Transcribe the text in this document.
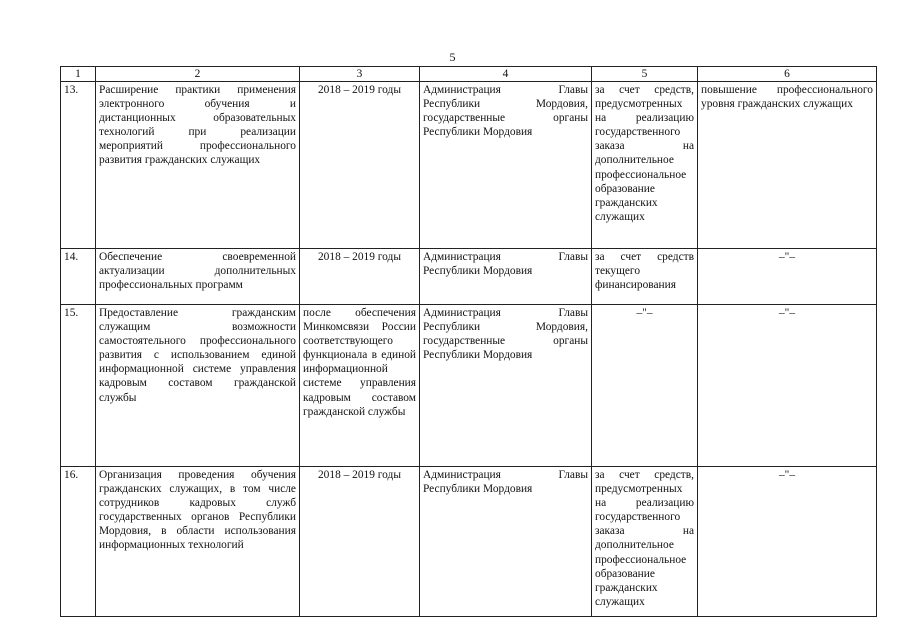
5
1	2	3	4	5	6
13.	Расширение практики применения электронного обучения и дистанционных образовательных технологий при реализации мероприятий профессионального развития гражданских служащих	2018 – 2019 годы	Администрация Главы Республики Мордовия, государственные органы Республики Мордовия	за счет средств, предусмотренных на реализацию государственного заказа на дополнительное профессиональное образование гражданских служащих	повышение профессионального уровня гражданских служащих
14.	Обеспечение своевременной актуализации дополнительных профессиональных программ	2018 – 2019 годы	Администрация Главы Республики Мордовия	за счет средств текущего финансирования	–"–

15.	Предоставление гражданским служащим возможности самостоятельного профессионального развития с использованием единой информационной системе управления кадровым составом гражданской службы	после обеспечения Минкомсвязи России соответствующего функционала в единой информационной системе управления кадровым составом гражданской службы	Администрация Главы Республики Мордовия, государственные органы Республики Мордовия	–"–	–"–

16.	Организация проведения обучения гражданских служащих, в том числе сотрудников кадровых служб государственных органов Республики Мордовия, в области использования информационных технологий	2018 – 2019 годы	Администрация Главы Республики Мордовия	за счет средств, предусмотренных на реализацию государственного заказа на дополнительное профессиональное образование гражданских служащих	–"–
